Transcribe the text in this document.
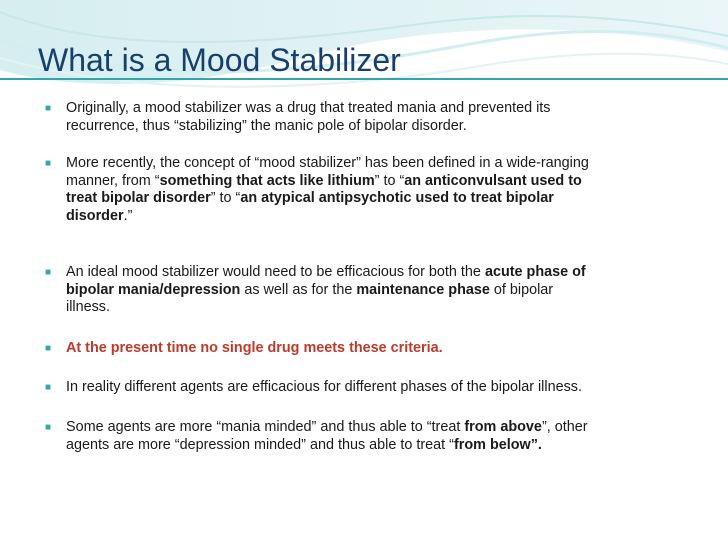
What is a Mood Stabilizer
■ Originally, a mood stabilizer was a drug that treated mania and prevented its
recurrence, thus “stabilizing” the manic pole of bipolar disorder.
■ More recently, the concept of “mood stabilizer” has been defined in a wide-ranging
manner, from “something that acts like lithium” to “an anticonvulsant used to
treat bipolar disorder” to “an atypical antipsychotic used to treat bipolar
disorder.”
■ An ideal mood stabilizer would need to be efficacious for both the acute phase of
bipolar mania/depression as well as for the maintenance phase of bipolar
illness.
■ At the present time no single drug meets these criteria.
■ In reality different agents are efficacious for different phases of the bipolar illness.
■ Some agents are more “mania minded” and thus able to “treat from above”, other
agents are more “depression minded” and thus able to treat “from below”.
